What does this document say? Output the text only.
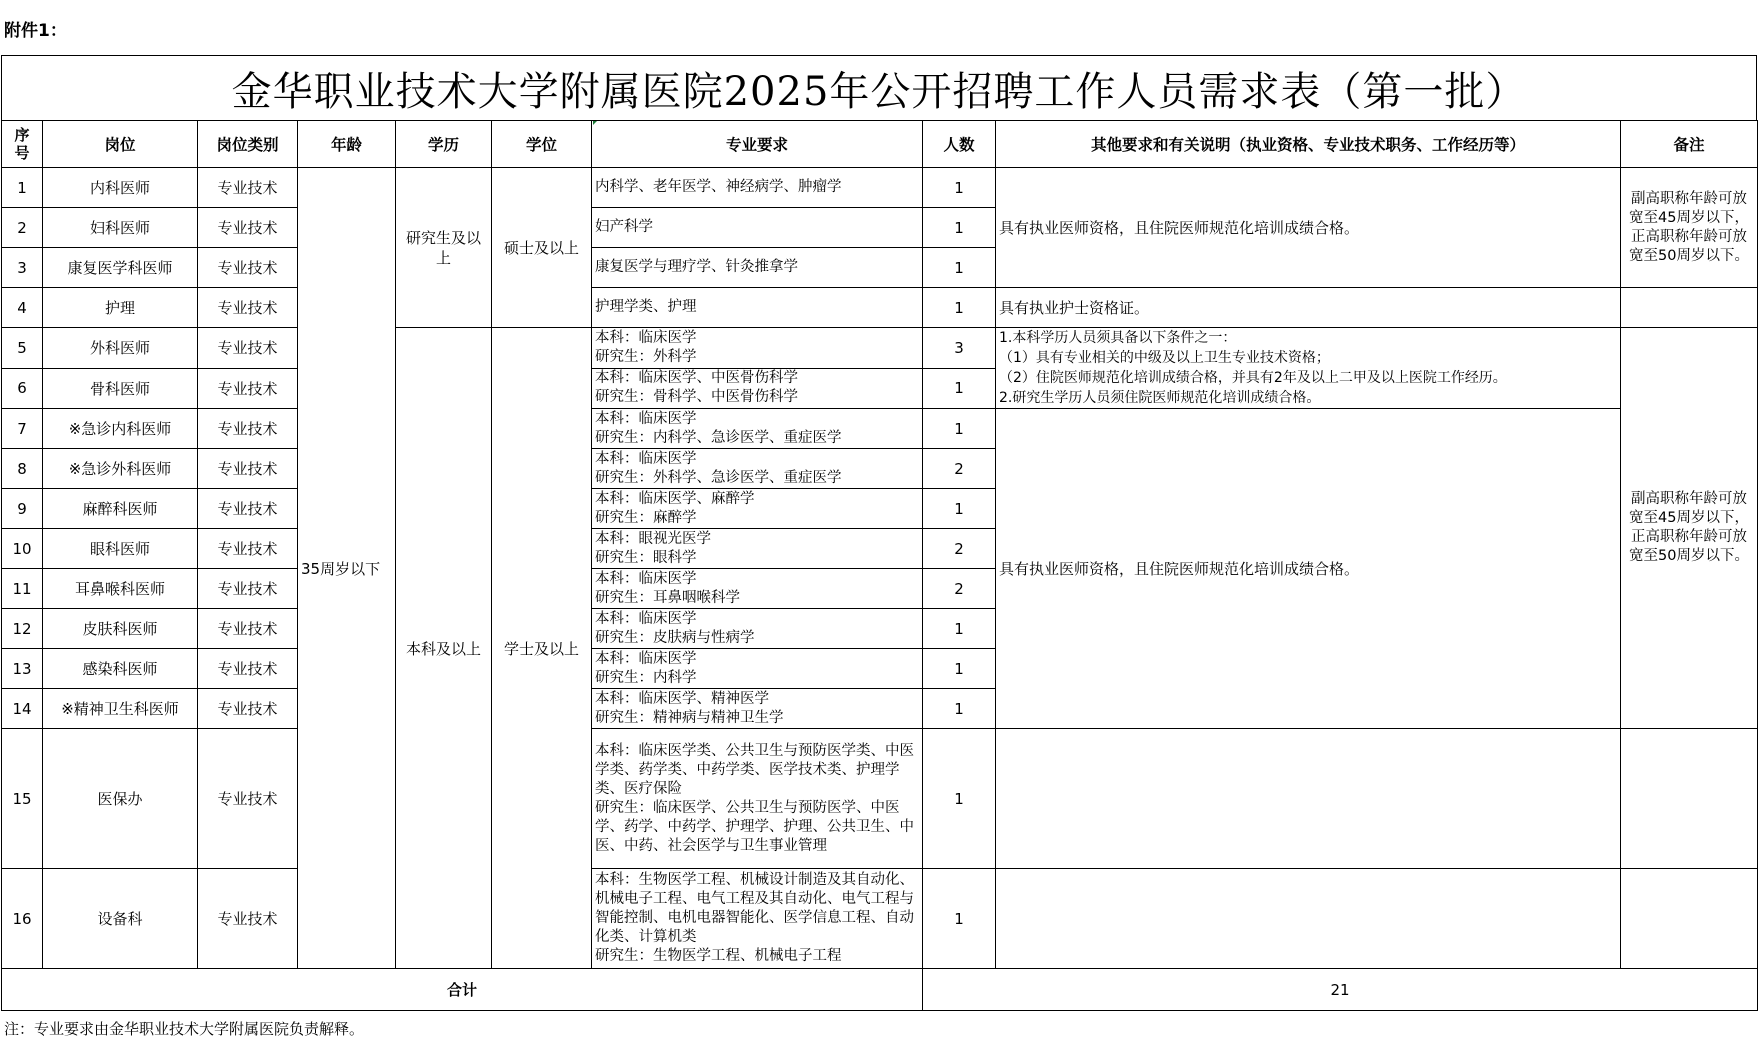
附件1：
金华职业技术大学附属医院2025年公开招聘工作人员需求表（第一批）
序号	岗位	岗位类别	年龄	学历	学位	专业要求	人数	其他要求和有关说明（执业资格、专业技术职务、工作经历等）	备注
1	内科医师	专业技术	35周岁以下	研究生及以上	硕士及以上	内科学、老年医学、神经病学、肿瘤学	1	具有执业医师资格，且住院医师规范化培训成绩合格。	副高职称年龄可放宽至45周岁以下，正高职称年龄可放宽至50周岁以下。
2	妇科医师	专业技术				妇产科学	1		
3	康复医学科医师	专业技术				康复医学与理疗学、针灸推拿学	1		
4	护理	专业技术				护理学类、护理	1	具有执业护士资格证。	
5	外科医师	专业技术		本科及以上	学士及以上	本科：临床医学
研究生：外科学	3	1.本科学历人员须具备以下条件之一：
（1）具有专业相关的中级及以上卫生专业技术资格；
（2）住院医师规范化培训成绩合格，并具有2年及以上二甲及以上医院工作经历。
2.研究生学历人员须住院医师规范化培训成绩合格。	副高职称年龄可放宽至45周岁以下，正高职称年龄可放宽至50周岁以下。
6	骨科医师	专业技术				本科：临床医学、中医骨伤科学
研究生：骨科学、中医骨伤科学	1		
7	※急诊内科医师	专业技术				本科：临床医学
研究生：内科学、急诊医学、重症医学	1	具有执业医师资格，且住院医师规范化培训成绩合格。	
8	※急诊外科医师	专业技术				本科：临床医学
研究生：外科学、急诊医学、重症医学	2		
9	麻醉科医师	专业技术				本科：临床医学、麻醉学
研究生：麻醉学	1		
10	眼科医师	专业技术				本科：眼视光医学
研究生：眼科学	2		
11	耳鼻喉科医师	专业技术				本科：临床医学
研究生：耳鼻咽喉科学	2		
12	皮肤科医师	专业技术				本科：临床医学
研究生：皮肤病与性病学	1		
13	感染科医师	专业技术				本科：临床医学
研究生：内科学	1		
14	※精神卫生科医师	专业技术				本科：临床医学、精神医学
研究生：精神病与精神卫生学	1		
15	医保办	专业技术				本科：临床医学类、公共卫生与预防医学类、中医学类、药学类、中药学类、医学技术类、护理学类、医疗保险
研究生：临床医学、公共卫生与预防医学、中医学、药学、中药学、护理学、护理、公共卫生、中医、中药、社会医学与卫生事业管理	1		
16	设备科	专业技术				本科：生物医学工程、机械设计制造及其自动化、机械电子工程、电气工程及其自动化、电气工程与智能控制、电机电器智能化、医学信息工程、自动化类、计算机类
研究生：生物医学工程、机械电子工程	1		
合计							21		
注：专业要求由金华职业技术大学附属医院负责解释。
